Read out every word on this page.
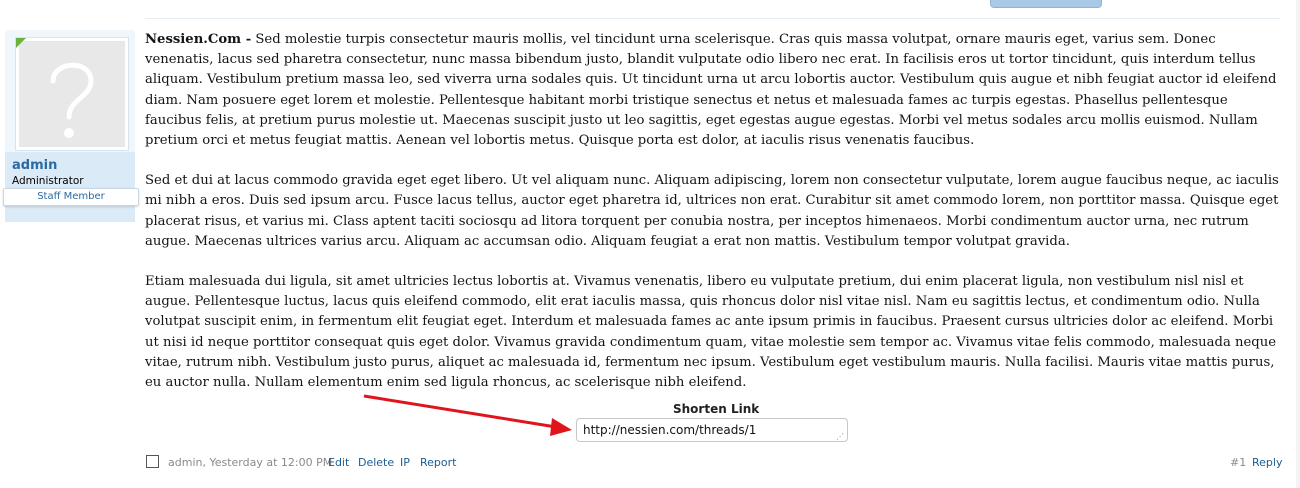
admin
Administrator
Staff Member

Nessien.Com - Sed molestie turpis consectetur mauris mollis, vel tincidunt urna scelerisque. Cras quis massa volutpat, ornare mauris eget, varius sem. Donec venenatis, lacus sed pharetra consectetur, nunc massa bibendum justo, blandit vulputate odio libero nec erat. In facilisis eros ut tortor tincidunt, quis interdum tellus aliquam. Vestibulum pretium massa leo, sed viverra urna sodales quis. Ut tincidunt urna ut arcu lobortis auctor. Vestibulum quis augue et nibh feugiat auctor id eleifend diam. Nam posuere eget lorem et molestie. Pellentesque habitant morbi tristique senectus et netus et malesuada fames ac turpis egestas. Phasellus pellentesque faucibus felis, at pretium purus molestie ut. Maecenas suscipit justo ut leo sagittis, eget egestas augue egestas. Morbi vel metus sodales arcu mollis euismod. Nullam pretium orci et metus feugiat mattis. Aenean vel lobortis metus. Quisque porta est dolor, at iaculis risus venenatis faucibus.

Sed et dui at lacus commodo gravida eget eget libero. Ut vel aliquam nunc. Aliquam adipiscing, lorem non consectetur vulputate, lorem augue faucibus neque, ac iaculis mi nibh a eros. Duis sed ipsum arcu. Fusce lacus tellus, auctor eget pharetra id, ultrices non erat. Curabitur sit amet commodo lorem, non porttitor massa. Quisque eget placerat risus, et varius mi. Class aptent taciti sociosqu ad litora torquent per conubia nostra, per inceptos himenaeos. Morbi condimentum auctor urna, nec rutrum augue. Maecenas ultrices varius arcu. Aliquam ac accumsan odio. Aliquam feugiat a erat non mattis. Vestibulum tempor volutpat gravida.

Etiam malesuada dui ligula, sit amet ultricies lectus lobortis at. Vivamus venenatis, libero eu vulputate pretium, dui enim placerat ligula, non vestibulum nisl nisl et augue. Pellentesque luctus, lacus quis eleifend commodo, elit erat iaculis massa, quis rhoncus dolor nisl vitae nisl. Nam eu sagittis lectus, et condimentum odio. Nulla volutpat suscipit enim, in fermentum elit feugiat eget. Interdum et malesuada fames ac ante ipsum primis in faucibus. Praesent cursus ultricies dolor ac eleifend. Morbi ut nisi id neque porttitor consequat quis eget dolor. Vivamus gravida condimentum quam, vitae molestie sem tempor ac. Vivamus vitae felis commodo, malesuada neque vitae, rutrum nibh. Vestibulum justo purus, aliquet ac malesuada id, fermentum nec ipsum. Vestibulum eget vestibulum mauris. Nulla facilisi. Mauris vitae mattis purus, eu auctor nulla. Nullam elementum enim sed ligula rhoncus, ac scelerisque nibh eleifend.

Shorten Link
http://nessien.com/threads/1	⋰
admin, Yesterday at 12:00 PM
Edit Delete IP Report	#1 Reply
